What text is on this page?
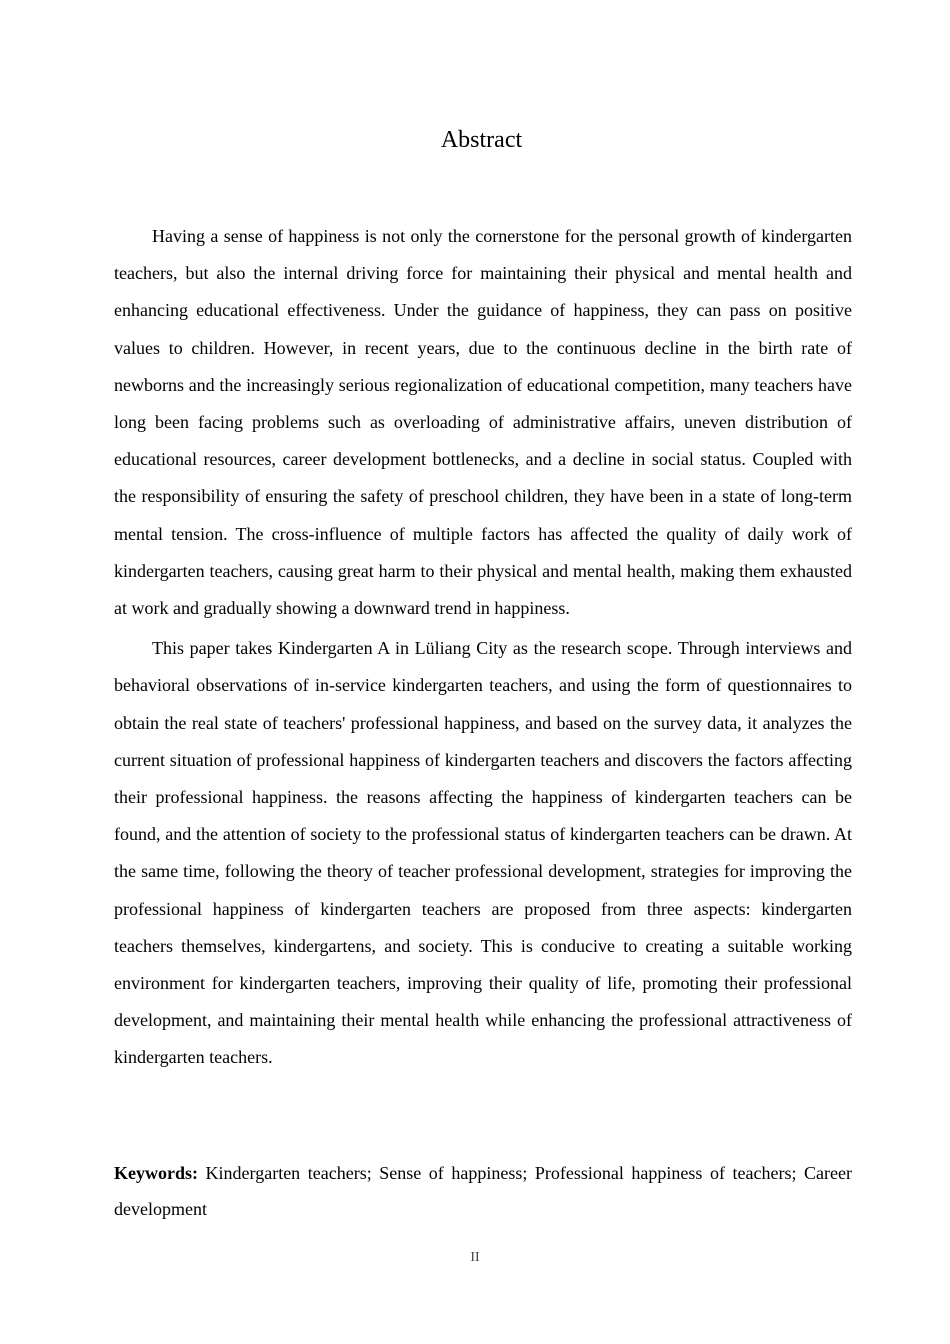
Abstract

Having a sense of happiness is not only the cornerstone for the personal growth of kindergarten teachers, but also the internal driving force for maintaining their physical and mental health and enhancing educational effectiveness. Under the guidance of happiness, they can pass on positive values to children. However, in recent years, due to the continuous decline in the birth rate of newborns and the increasingly serious regionalization of educational competition, many teachers have long been facing problems such as overloading of administrative affairs, uneven distribution of educational resources, career development bottlenecks, and a decline in social status. Coupled with the responsibility of ensuring the safety of preschool children, they have been in a state of long-term mental tension. The cross-influence of multiple factors has affected the quality of daily work of kindergarten teachers, causing great harm to their physical and mental health, making them exhausted at work and gradually showing a downward trend in happiness.

This paper takes Kindergarten A in Lüliang City as the research scope. Through interviews and behavioral observations of in-service kindergarten teachers, and using the form of questionnaires to obtain the real state of teachers' professional happiness, and based on the survey data, it analyzes the current situation of professional happiness of kindergarten teachers and discovers the factors affecting their professional happiness. the reasons affecting the happiness of kindergarten teachers can be found, and the attention of society to the professional status of kindergarten teachers can be drawn. At the same time, following the theory of teacher professional development, strategies for improving the professional happiness of kindergarten teachers are proposed from three aspects: kindergarten teachers themselves, kindergartens, and society. This is conducive to creating a suitable working environment for kindergarten teachers, improving their quality of life, promoting their professional development, and maintaining their mental health while enhancing the professional attractiveness of kindergarten teachers.

Keywords: Kindergarten teachers; Sense of happiness; Professional happiness of teachers; Career development

II
